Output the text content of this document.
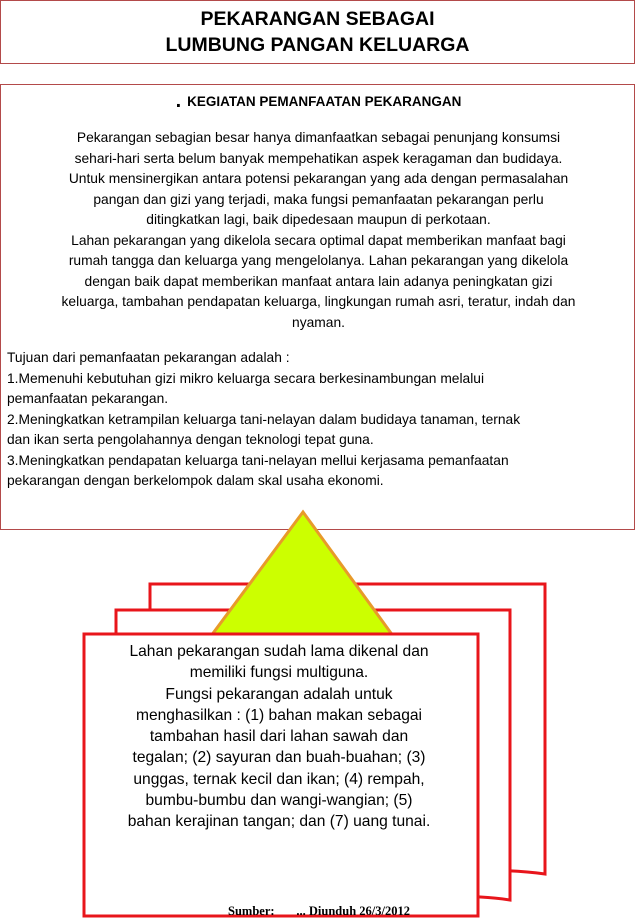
PEKARANGAN SEBAGAI
LUMBUNG PANGAN KELUARGA
. KEGIATAN PEMANFAATAN PEKARANGAN

Pekarangan sebagian besar hanya dimanfaatkan sebagai penunjang konsumsi

sehari-hari serta belum banyak mempehatikan aspek keragaman dan budidaya.

Untuk mensinergikan antara potensi pekarangan yang ada dengan permasalahan

pangan dan gizi yang terjadi, maka fungsi pemanfaatan pekarangan perlu

ditingkatkan lagi, baik dipedesaan maupun di perkotaan.

Lahan pekarangan yang dikelola secara optimal dapat memberikan manfaat bagi

rumah tangga dan keluarga yang mengelolanya. Lahan pekarangan yang dikelola

dengan baik dapat memberikan manfaat antara lain adanya peningkatan gizi

keluarga, tambahan pendapatan keluarga, lingkungan rumah asri, teratur, indah dan

nyaman.

Tujuan dari pemanfaatan pekarangan adalah :

1.Memenuhi kebutuhan gizi mikro keluarga secara berkesinambungan melalui

pemanfaatan pekarangan.

2.Meningkatkan ketrampilan keluarga tani-nelayan dalam budidaya tanaman, ternak

dan ikan serta pengolahannya dengan teknologi tepat guna.

3.Meningkatkan pendapatan keluarga tani-nelayan mellui kerjasama pemanfaatan

pekarangan dengan berkelompok dalam skal usaha ekonomi.

Lahan pekarangan sudah lama dikenal dan

memiliki fungsi multiguna.

Fungsi pekarangan adalah untuk

menghasilkan : (1) bahan makan sebagai

tambahan hasil dari lahan sawah dan

tegalan; (2) sayuran dan buah-buahan; (3)

unggas, ternak kecil dan ikan; (4) rempah,

bumbu-bumbu dan wangi-wangian; (5)

bahan kerajinan tangan; dan (7) uang tunai.

Sumber:       ... Diunduh 26/3/2012
